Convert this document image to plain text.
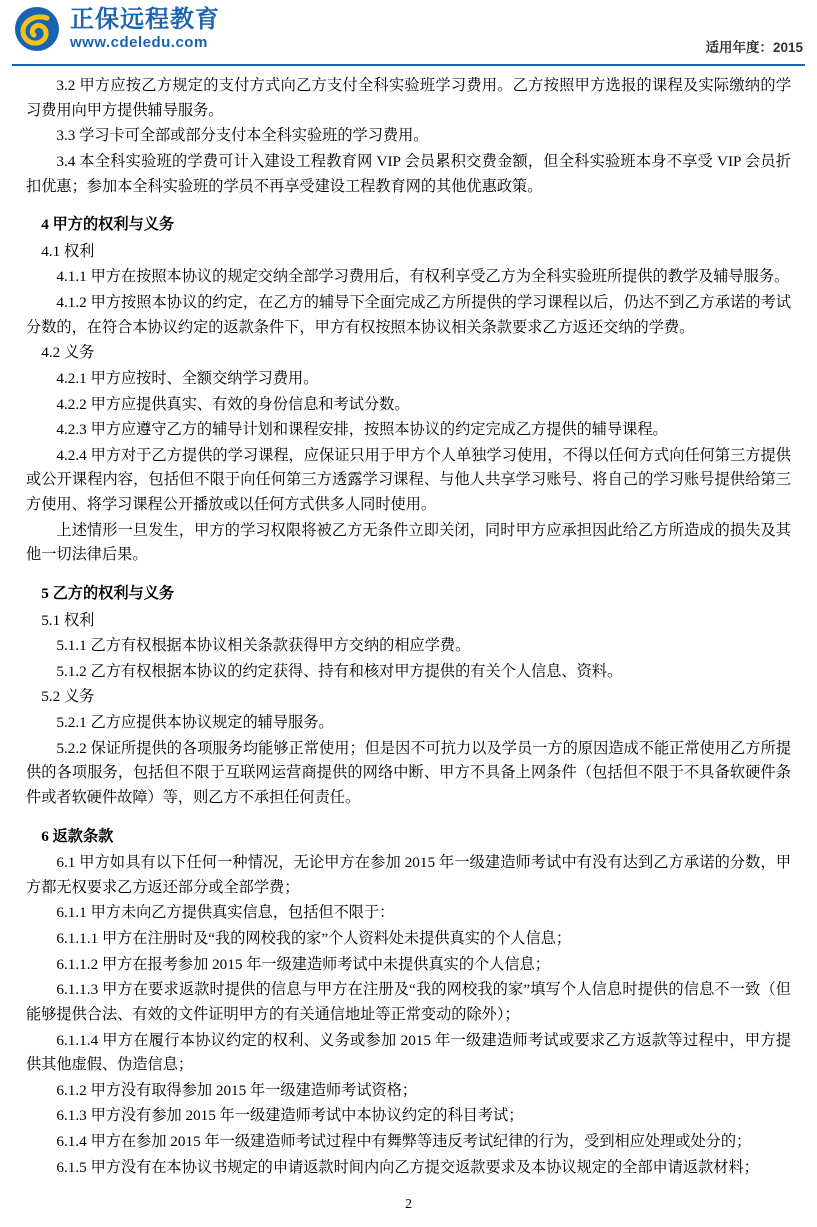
正保远程教育
www.cdeledu.com	适用年度：2015

3.2 甲方应按乙方规定的支付方式向乙方支付全科实验班学习费用。乙方按照甲方选报的课程及实际缴纳的学习费用向甲方提供辅导服务。

3.3 学习卡可全部或部分支付本全科实验班的学习费用。

3.4 本全科实验班的学费可计入建设工程教育网 VIP 会员累积交费金额，但全科实验班本身不享受 VIP 会员折扣优惠；参加本全科实验班的学员不再享受建设工程教育网的其他优惠政策。

4 甲方的权利与义务

4.1 权利

4.1.1 甲方在按照本协议的规定交纳全部学习费用后，有权利享受乙方为全科实验班所提供的教学及辅导服务。

4.1.2 甲方按照本协议的约定，在乙方的辅导下全面完成乙方所提供的学习课程以后，仍达不到乙方承诺的考试分数的，在符合本协议约定的返款条件下，甲方有权按照本协议相关条款要求乙方返还交纳的学费。

4.2 义务

4.2.1 甲方应按时、全额交纳学习费用。

4.2.2 甲方应提供真实、有效的身份信息和考试分数。

4.2.3 甲方应遵守乙方的辅导计划和课程安排，按照本协议的约定完成乙方提供的辅导课程。

4.2.4 甲方对于乙方提供的学习课程，应保证只用于甲方个人单独学习使用，不得以任何方式向任何第三方提供或公开课程内容，包括但不限于向任何第三方透露学习课程、与他人共享学习账号、将自己的学习账号提供给第三方使用、将学习课程公开播放或以任何方式供多人同时使用。

上述情形一旦发生，甲方的学习权限将被乙方无条件立即关闭，同时甲方应承担因此给乙方所造成的损失及其他一切法律后果。

5 乙方的权利与义务

5.1 权利

5.1.1 乙方有权根据本协议相关条款获得甲方交纳的相应学费。

5.1.2 乙方有权根据本协议的约定获得、持有和核对甲方提供的有关个人信息、资料。

5.2 义务

5.2.1 乙方应提供本协议规定的辅导服务。

5.2.2 保证所提供的各项服务均能够正常使用；但是因不可抗力以及学员一方的原因造成不能正常使用乙方所提供的各项服务，包括但不限于互联网运营商提供的网络中断、甲方不具备上网条件（包括但不限于不具备软硬件条件或者软硬件故障）等，则乙方不承担任何责任。

6 返款条款

6.1 甲方如具有以下任何一种情况，无论甲方在参加 2015 年一级建造师考试中有没有达到乙方承诺的分数，甲方都无权要求乙方返还部分或全部学费；

6.1.1 甲方未向乙方提供真实信息，包括但不限于：

6.1.1.1 甲方在注册时及“我的网校我的家”个人资料处未提供真实的个人信息；

6.1.1.2 甲方在报考参加 2015 年一级建造师考试中未提供真实的个人信息；

6.1.1.3 甲方在要求返款时提供的信息与甲方在注册及“我的网校我的家”填写个人信息时提供的信息不一致（但能够提供合法、有效的文件证明甲方的有关通信地址等正常变动的除外）；

6.1.1.4 甲方在履行本协议约定的权利、义务或参加 2015 年一级建造师考试或要求乙方返款等过程中，甲方提供其他虚假、伪造信息；

6.1.2 甲方没有取得参加 2015 年一级建造师考试资格；

6.1.3 甲方没有参加 2015 年一级建造师考试中本协议约定的科目考试；

6.1.4 甲方在参加 2015 年一级建造师考试过程中有舞弊等违反考试纪律的行为，受到相应处理或处分的；

6.1.5 甲方没有在本协议书规定的申请返款时间内向乙方提交返款要求及本协议规定的全部申请返款材料；

2
